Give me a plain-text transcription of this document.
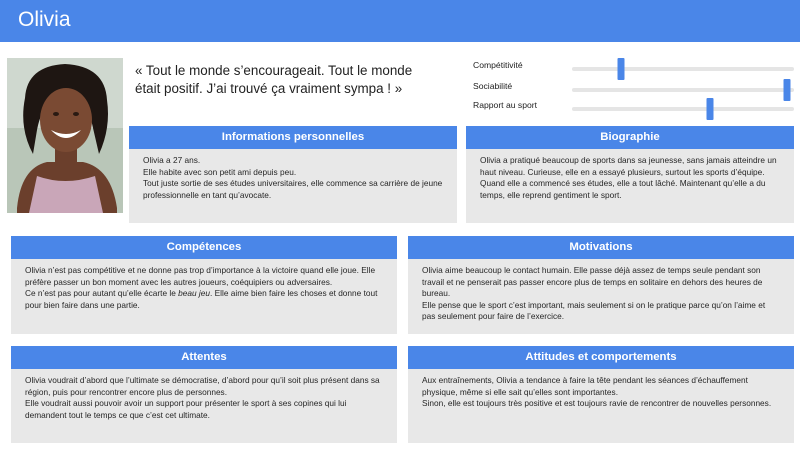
Olivia
« Tout le monde s’encourageait. Tout le monde était positif. J’ai trouvé ça vraiment sympa ! »
Compétitivité
Sociabilité
Rapport au sport
Informations personnelles

Olivia a 27 ans.

Elle habite avec son petit ami depuis peu.

Tout juste sortie de ses études universitaires, elle commence sa carrière de jeune professionnelle en tant qu’avocate.

Biographie

Olivia a pratiqué beaucoup de sports dans sa jeunesse, sans jamais atteindre un haut niveau. Curieuse, elle en a essayé plusieurs, surtout les sports d’équipe. Quand elle a commencé ses études, elle a tout lâché. Maintenant qu’elle a du temps, elle reprend gentiment le sport.

Compétences

Olivia n’est pas compétitive et ne donne pas trop d’importance à la victoire quand elle joue. Elle préfère passer un bon moment avec les autres joueurs, coéquipiers ou adversaires.

Ce n’est pas pour autant qu’elle écarte le beau jeu. Elle aime bien faire les choses et donne tout pour bien faire dans une partie.

Motivations

Olivia aime beaucoup le contact humain. Elle passe déjà assez de temps seule pendant son travail et ne penserait pas passer encore plus de temps en solitaire en dehors des heures de bureau.

Elle pense que le sport c’est important, mais seulement si on le pratique parce qu’on l’aime et pas seulement pour faire de l’exercice.

Attentes

Olivia voudrait d’abord que l’ultimate se démocratise, d’abord pour qu’il soit plus présent dans sa région, puis pour rencontrer encore plus de personnes.

Elle voudrait aussi pouvoir avoir un support pour présenter le sport à ses copines qui lui demandent tout le temps ce que c’est cet ultimate.

Attitudes et comportements

Aux entraînements, Olivia a tendance à faire la tête pendant les séances d’échauffement physique, même si elle sait qu’elles sont importantes.

Sinon, elle est toujours très positive et est toujours ravie de rencontrer de nouvelles personnes.
